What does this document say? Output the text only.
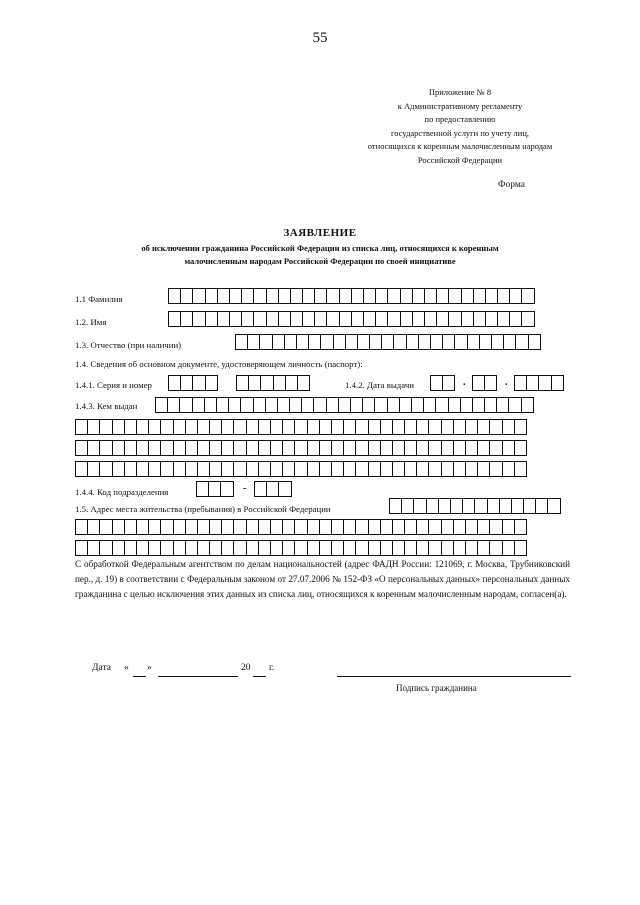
55
Приложение № 8
к Административному регламенту
по предоставлению
государственной услуги по учету лиц,
относящихся к коренным малочисленным народам
Российской Федерации
Форма
ЗАЯВЛЕНИЕ
об исключении гражданина Российской Федерации из списка лиц, относящихся к коренным
малочисленным народам Российской Федерации по своей инициативе
1.1 Фамилия
1.2. Имя
1.3. Отчество (при наличии)
1.4. Сведения об основном документе, удостоверяющем личность (паспорт):
1.4.1. Серия и номер	1.4.2. Дата выдачи
1.4.3. Кем выдан
1.4.4. Код подразделения
1.5. Адрес места жительства (пребывания) в Российской Федерации
.	.
-
С обработкой Федеральным агентством по делам национальностей (адрес ФАДН России: 121069, г. Москва, Трубниковский пер., д. 19) в соответствии с Федеральным законом от 27.07.2006 № 152-ФЗ «О персональных данных» персональных данных гражданина с целью исключения этих данных из списка лиц, относящихся к коренным малочисленным народам, согласен(а).
Дата « »	20 г.
Подпись гражданина
